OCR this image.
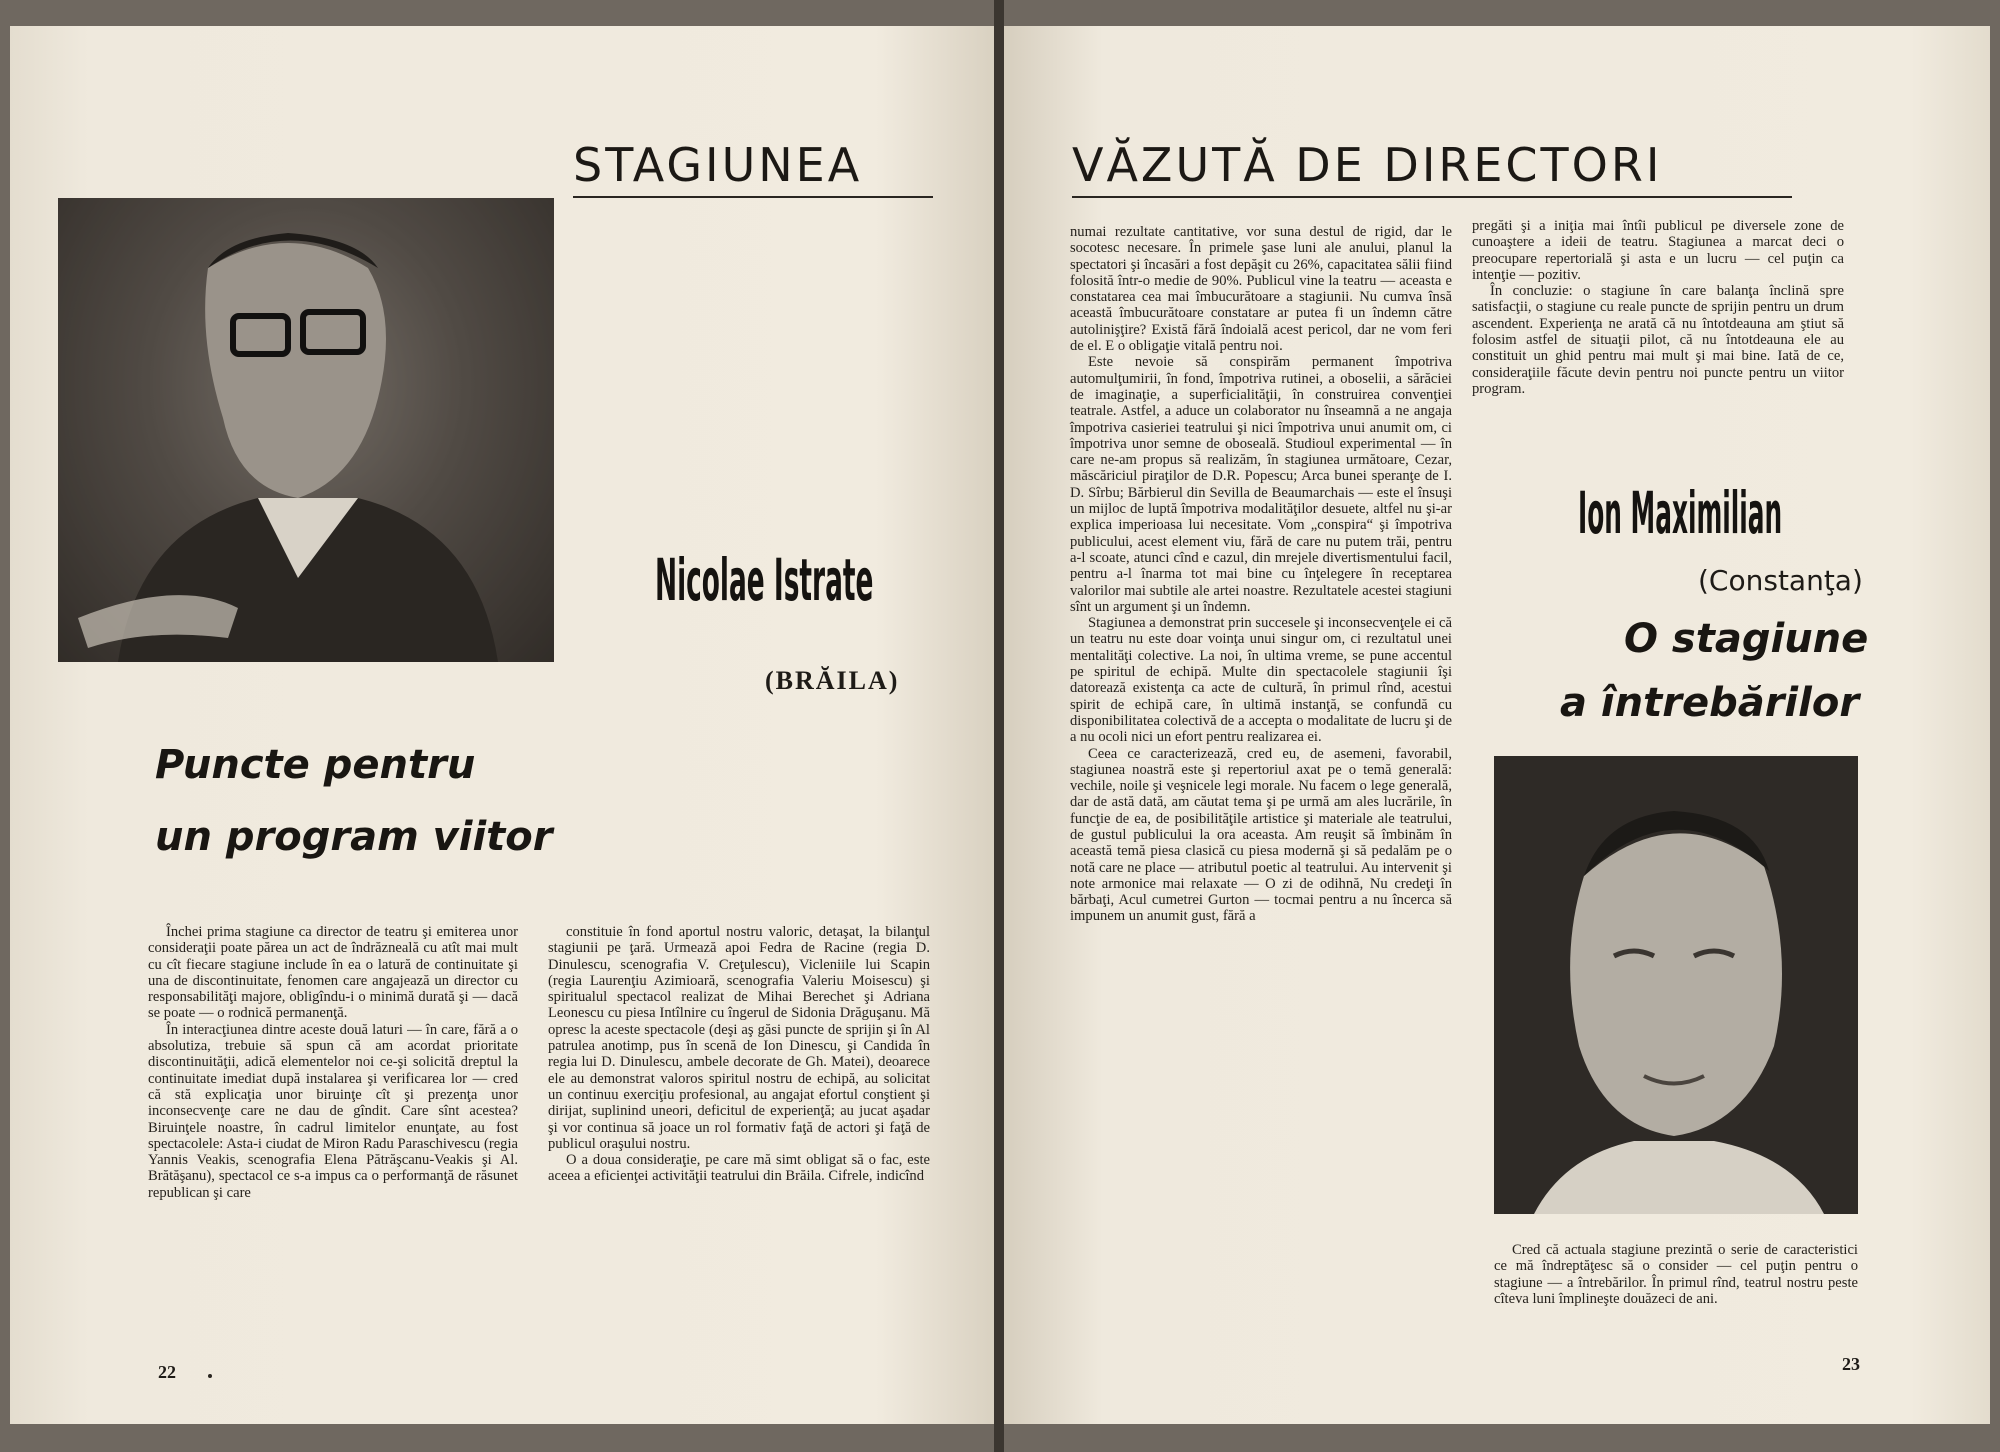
STAGIUNEA
Nicolae Istrate
(BRĂILA)
Puncte pentru
un program viitor

Închei prima stagiune ca director de teatru şi emiterea unor consideraţii poate părea un act de îndrăzneală cu atît mai mult cu cît fiecare stagiune include în ea o latură de continuitate şi una de discontinuitate, fenomen care angajează un director cu responsabilităţi majore, obligîndu-i o minimă durată şi — dacă se poate — o rodnică permanenţă.

În interacţiunea dintre aceste două laturi — în care, fără a o absolutiza, trebuie să spun că am acordat prioritate discontinuităţii, adică elementelor noi ce-şi solicită dreptul la continuitate imediat după instalarea şi verificarea lor — cred că stă explicaţia unor biruinţe cît şi prezenţa unor inconsecvenţe care ne dau de gîndit. Care sînt acestea? Biruinţele noastre, în cadrul limitelor enunţate, au fost spectacolele: Asta-i ciudat de Miron Radu Paraschivescu (regia Yannis Veakis, scenografia Elena Pătrăşcanu-Veakis şi Al. Brătăşanu), spectacol ce s-a impus ca o performanţă de răsunet republican şi care

constituie în fond aportul nostru valoric, detaşat, la bilanţul stagiunii pe ţară. Urmează apoi Fedra de Racine (regia D. Dinulescu, scenografia V. Creţulescu), Vicleniile lui Scapin (regia Laurenţiu Azimioară, scenografia Valeriu Moisescu) şi spiritualul spectacol realizat de Mihai Berechet şi Adriana Leonescu cu piesa Intîlnire cu îngerul de Sidonia Drăguşanu. Mă opresc la aceste spectacole (deşi aş găsi puncte de sprijin şi în Al patrulea anotimp, pus în scenă de Ion Dinescu, şi Candida în regia lui D. Dinulescu, ambele decorate de Gh. Matei), deoarece ele au demonstrat valoros spiritul nostru de echipă, au solicitat un continuu exerciţiu profesional, au angajat efortul conştient şi dirijat, suplinind uneori, deficitul de experienţă; au jucat aşadar şi vor continua să joace un rol formativ faţă de actori şi faţă de publicul oraşului nostru.

O a doua consideraţie, pe care mă simt obligat să o fac, este aceea a eficienţei activităţii teatrului din Brăila. Cifrele, indicînd

22
VĂZUTĂ DE DIRECTORI

numai rezultate cantitative, vor suna destul de rigid, dar le socotesc necesare. În primele şase luni ale anului, planul la spectatori şi încasări a fost depăşit cu 26%, capacitatea sălii fiind folosită într-o medie de 90%. Publicul vine la teatru — aceasta e constatarea cea mai îmbucurătoare a stagiunii. Nu cumva însă această îmbucurătoare constatare ar putea fi un îndemn către autolinişţire? Există fără îndoială acest pericol, dar ne vom feri de el. E o obligaţie vitală pentru noi.

Este nevoie să conspirăm permanent împotriva automulţumirii, în fond, împotriva rutinei, a oboselii, a sărăciei de imaginaţie, a superficialităţii, în construirea convenţiei teatrale. Astfel, a aduce un colaborator nu înseamnă a ne angaja împotriva casieriei teatrului şi nici împotriva unui anumit om, ci împotriva unor semne de oboseală. Studioul experimental — în care ne-am propus să realizăm, în stagiunea următoare, Cezar, măscăriciul piraţilor de D.R. Popescu; Arca bunei speranţe de I. D. Sîrbu; Bărbierul din Sevilla de Beaumarchais — este el însuşi un mijloc de luptă împotriva modalităţilor desuete, altfel nu şi-ar explica imperioasa lui necesitate. Vom „conspira“ şi împotriva publicului, acest element viu, fără de care nu putem trăi, pentru a-l scoate, atunci cînd e cazul, din mrejele divertismentului facil, pentru a-l înarma tot mai bine cu înţelegere în receptarea valorilor mai subtile ale artei noastre. Rezultatele acestei stagiuni sînt un argument şi un îndemn.

Stagiunea a demonstrat prin succesele şi inconsecvenţele ei că un teatru nu este doar voinţa unui singur om, ci rezultatul unei mentalităţi colective. La noi, în ultima vreme, se pune accentul pe spiritul de echipă. Multe din spectacolele stagiunii îşi datorează existenţa ca acte de cultură, în primul rînd, acestui spirit de echipă care, în ultimă instanţă, se confundă cu disponibilitatea colectivă de a accepta o modalitate de lucru şi de a nu ocoli nici un efort pentru realizarea ei.

Ceea ce caracterizează, cred eu, de asemeni, favorabil, stagiunea noastră este şi repertoriul axat pe o temă generală: vechile, noile şi veşnicele legi morale. Nu facem o lege generală, dar de astă dată, am căutat tema şi pe urmă am ales lucrările, în funcţie de ea, de posibilităţile artistice şi materiale ale teatrului, de gustul publicului la ora aceasta. Am reuşit să îmbinăm în această temă piesa clasică cu piesa modernă şi să pedalăm pe o notă care ne place — atributul poetic al teatrului. Au intervenit şi note armonice mai relaxate — O zi de odihnă, Nu credeţi în bărbaţi, Acul cumetrei Gurton — tocmai pentru a nu încerca să impunem un anumit gust, fără a

pregăti şi a iniţia mai întîi publicul pe diversele zone de cunoaştere a ideii de teatru. Stagiunea a marcat deci o preocupare repertorială şi asta e un lucru — cel puţin ca intenţie — pozitiv.

În concluzie: o stagiune în care balanţa înclină spre satisfacţii, o stagiune cu reale puncte de sprijin pentru un drum ascendent. Experienţa ne arată că nu întotdeauna am ştiut să folosim astfel de situaţii pilot, că nu întotdeauna ele au constituit un ghid pentru mai mult şi mai bine. Iată de ce, consideraţiile făcute devin pentru noi puncte pentru un viitor program.

Ion Maximilian
(Constanţa)
O stagiune
a întrebărilor

Cred că actuala stagiune prezintă o serie de caracteristici ce mă îndreptăţesc să o consider — cel puţin pentru o stagiune — a întrebărilor. În primul rînd, teatrul nostru peste cîteva luni împlineşte douăzeci de ani.

23
